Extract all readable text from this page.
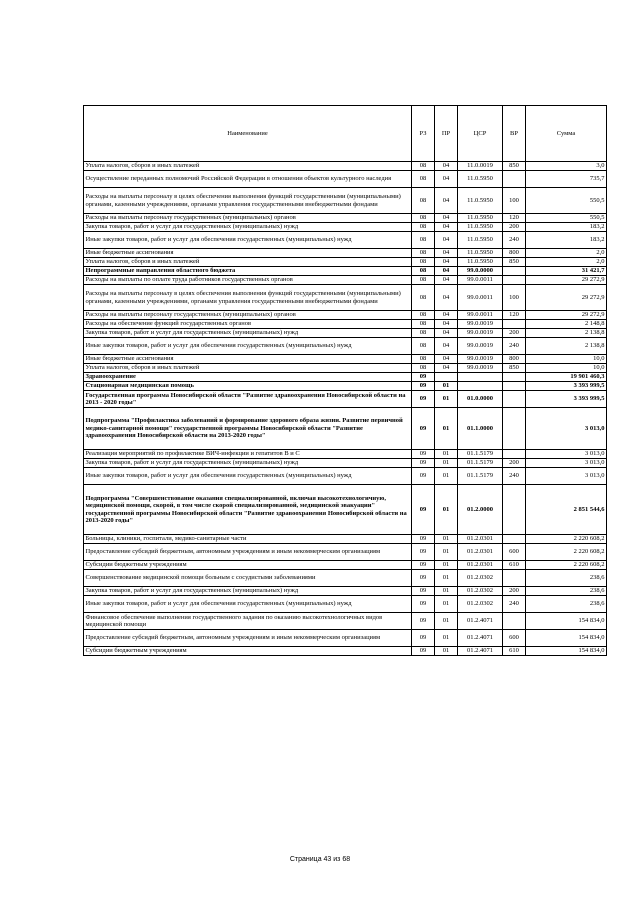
Наименование	РЗ	ПР	ЦСР	ВР	Сумма
Уплата налогов, сборов и иных платежей	08	04	11.0.0019	850	3,0
Осуществление переданных полномочий Российской Федерации в отношении объектов культурного наследия	08	04	11.0.5950		735,7
Расходы на выплаты персоналу в целях обеспечения выполнения функций государственными (муниципальными) органами, казенными учреждениями, органами управления государственными внебюджетными фондами	08	04	11.0.5950	100	550,5
Расходы на выплаты персоналу государственных (муниципальных) органов	08	04	11.0.5950	120	550,5
Закупка товаров, работ и услуг для государственных (муниципальных) нужд	08	04	11.0.5950	200	183,2
Иные закупки товаров, работ и услуг для обеспечения государственных (муниципальных) нужд	08	04	11.0.5950	240	183,2
Иные бюджетные ассигнования	08	04	11.0.5950	800	2,0
Уплата налогов, сборов и иных платежей	08	04	11.0.5950	850	2,0
Непрограммные направления областного бюджета	08	04	99.0.0000		31 421,7
Расходы на выплаты по оплате труда работников государственных органов	08	04	99.0.0011		29 272,9
Расходы на выплаты персоналу в целях обеспечения выполнения функций государственными (муниципальными) органами, казенными учреждениями, органами управления государственными внебюджетными фондами	08	04	99.0.0011	100	29 272,9
Расходы на выплаты персоналу государственных (муниципальных) органов	08	04	99.0.0011	120	29 272,9
Расходы на обеспечение функций государственных органов	08	04	99.0.0019		2 148,8
Закупка товаров, работ и услуг для государственных (муниципальных) нужд	08	04	99.0.0019	200	2 138,8
Иные закупки товаров, работ и услуг для обеспечения государственных (муниципальных) нужд	08	04	99.0.0019	240	2 138,8
Иные бюджетные ассигнования	08	04	99.0.0019	800	10,0
Уплата налогов, сборов и иных платежей	08	04	99.0.0019	850	10,0
Здравоохранение	09				19 901 460,3
Стационарная медицинская помощь	09	01			3 393 999,5
Государственная программа Новосибирской области "Развитие здравоохранения Новосибирской области на 2013 - 2020 годы"	09	01	01.0.0000		3 393 999,5
Подпрограмма "Профилактика заболеваний и формирование здорового образа жизни. Развитие первичной медико-санитарной помощи" государственной программы Новосибирской области "Развитие здравоохранения Новосибирской области на 2013-2020 годы"	09	01	01.1.0000		3 013,0
Реализация мероприятий по профилактике ВИЧ-инфекции и гепатитов В и С	09	01	01.1.5179		3 013,0
Закупка товаров, работ и услуг для государственных (муниципальных) нужд	09	01	01.1.5179	200	3 013,0
Иные закупки товаров, работ и услуг для обеспечения государственных (муниципальных) нужд	09	01	01.1.5179	240	3 013,0
Подпрограмма "Совершенствование оказания специализированной, включая высокотехнологичную, медицинской помощи, скорой, в том числе скорой специализированной, медицинской эвакуации" государственной программы Новосибирской области "Развитие здравоохранения Новосибирской области на 2013-2020 годы"	09	01	01.2.0000		2 851 544,6
Больницы, клиники, госпитали, медико-санитарные части	09	01	01.2.0301		2 220 608,2
Предоставление субсидий бюджетным, автономным учреждениям и иным некоммерческим организациям	09	01	01.2.0301	600	2 220 608,2
Субсидии бюджетным учреждениям	09	01	01.2.0301	610	2 220 608,2
Совершенствование медицинской помощи больным с сосудистыми заболеваниями	09	01	01.2.0302		238,6
Закупка товаров, работ и услуг для государственных (муниципальных) нужд	09	01	01.2.0302	200	238,6
Иные закупки товаров, работ и услуг для обеспечения государственных (муниципальных) нужд	09	01	01.2.0302	240	238,6
Финансовое обеспечение выполнения государственного задания по оказанию высокотехнологичных видов медицинской помощи	09	01	01.2.4071		154 834,0
Предоставление субсидий бюджетным, автономным учреждениям и иным некоммерческим организациям	09	01	01.2.4071	600	154 834,0
Субсидии бюджетным учреждениям	09	01	01.2.4071	610	154 834,0
Страница 43 из 68
